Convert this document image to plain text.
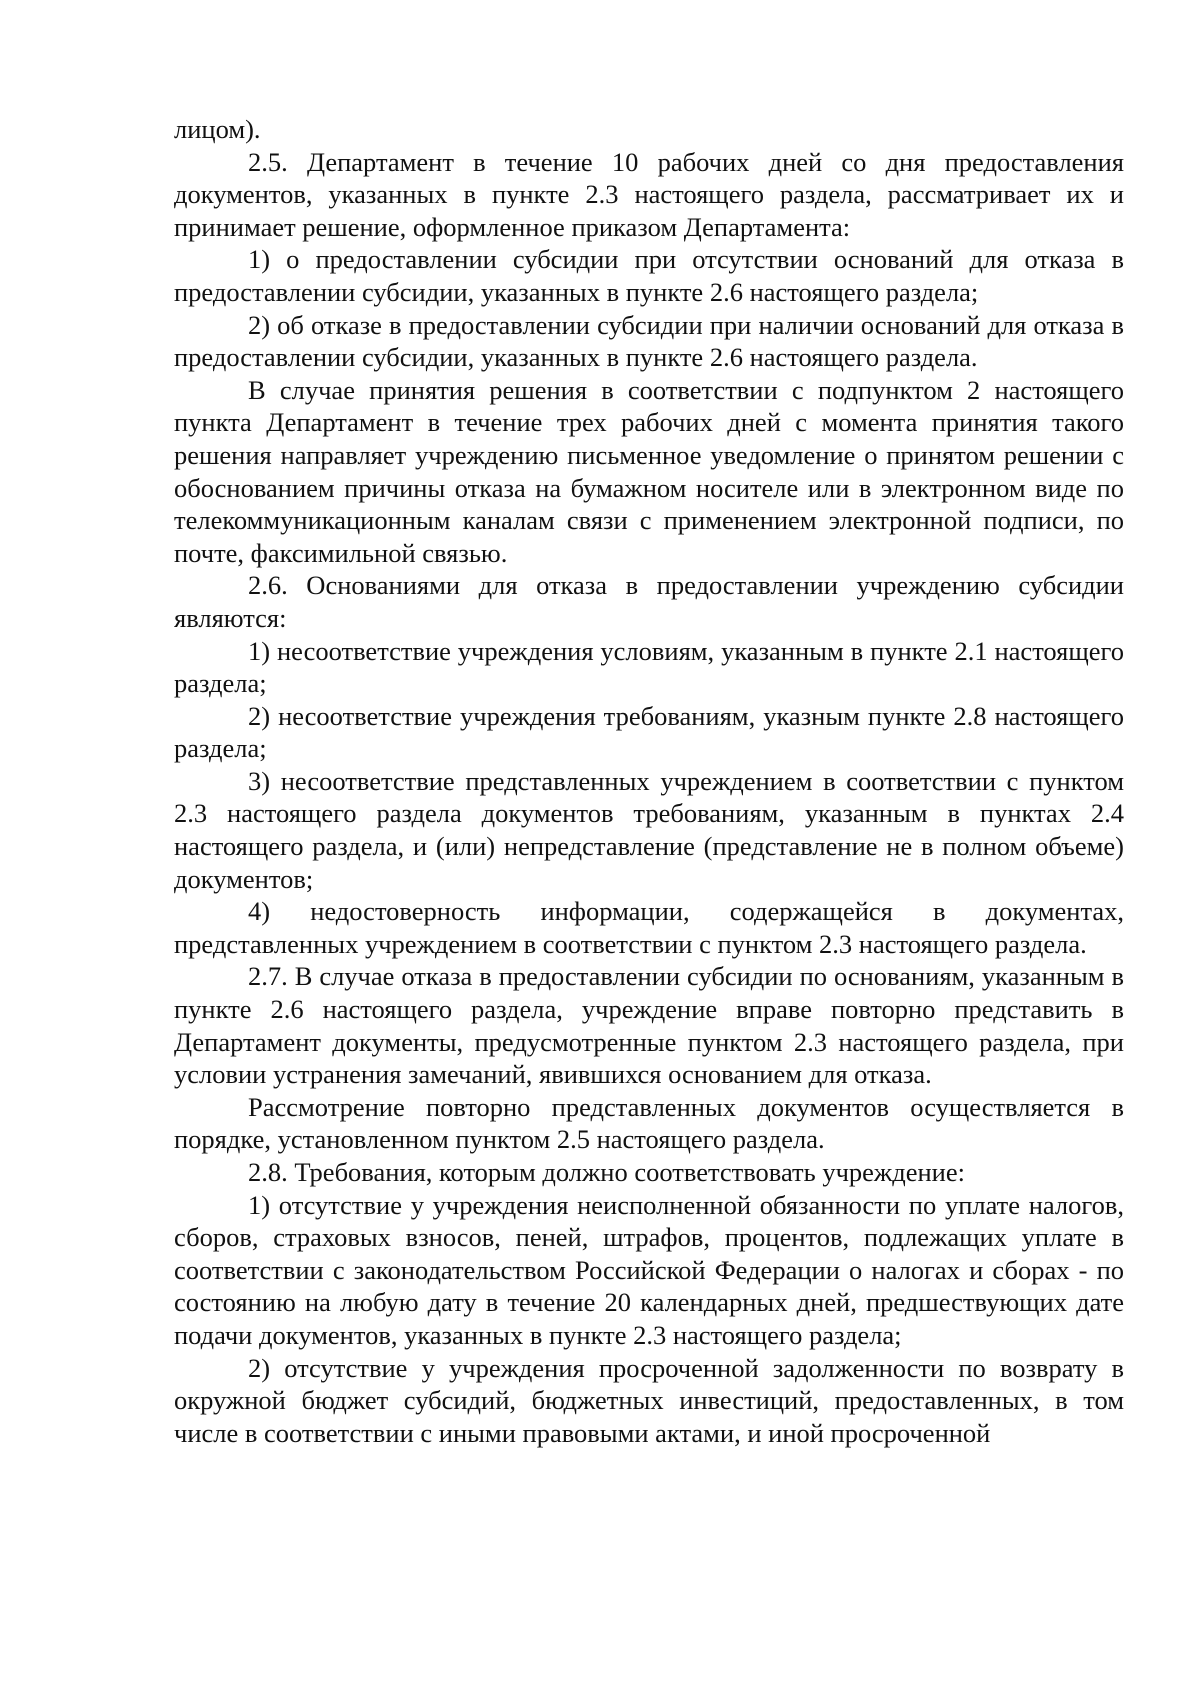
лицом).

2.5. Департамент в течение 10 рабочих дней со дня предоставления документов, указанных в пункте 2.3 настоящего раздела, рассматривает их и принимает решение, оформленное приказом Департамента:

1) о предоставлении субсидии при отсутствии оснований для отказа в предоставлении субсидии, указанных в пункте 2.6 настоящего раздела;

2) об отказе в предоставлении субсидии при наличии оснований для отказа в предоставлении субсидии, указанных в пункте 2.6 настоящего раздела.

В случае принятия решения в соответствии с подпунктом 2 настоящего пункта Департамент в течение трех рабочих дней с момента принятия такого решения направляет учреждению письменное уведомление о принятом решении с обоснованием причины отказа на бумажном носителе или в электронном виде по телекоммуникационным каналам связи с применением электронной подписи, по почте, факсимильной связью.

2.6. Основаниями для отказа в предоставлении учреждению субсидии являются:

1) несоответствие учреждения условиям, указанным в пункте 2.1 настоящего раздела;

2) несоответствие учреждения требованиям, указным пункте 2.8 настоящего раздела;

3) несоответствие представленных учреждением в соответствии с пунктом 2.3 настоящего раздела документов требованиям, указанным в пунктах 2.4 настоящего раздела, и (или) непредставление (представление не в полном объеме) документов;

4) недостоверность информации, содержащейся в документах, представленных учреждением в соответствии с пунктом 2.3 настоящего раздела.

2.7. В случае отказа в предоставлении субсидии по основаниям, указанным в пункте 2.6 настоящего раздела, учреждение вправе повторно представить в Департамент документы, предусмотренные пунктом 2.3 настоящего раздела, при условии устранения замечаний, явившихся основанием для отказа.

Рассмотрение повторно представленных документов осуществляется в порядке, установленном пунктом 2.5 настоящего раздела.

2.8. Требования, которым должно соответствовать учреждение:

1) отсутствие у учреждения неисполненной обязанности по уплате налогов, сборов, страховых взносов, пеней, штрафов, процентов, подлежащих уплате в соответствии с законодательством Российской Федерации о налогах и сборах - по состоянию на любую дату в течение 20 календарных дней, предшествующих дате подачи документов, указанных в пункте 2.3 настоящего раздела;

2) отсутствие у учреждения просроченной задолженности по возврату в окружной бюджет субсидий, бюджетных инвестиций, предоставленных, в том числе в соответствии с иными правовыми актами, и иной просроченной
